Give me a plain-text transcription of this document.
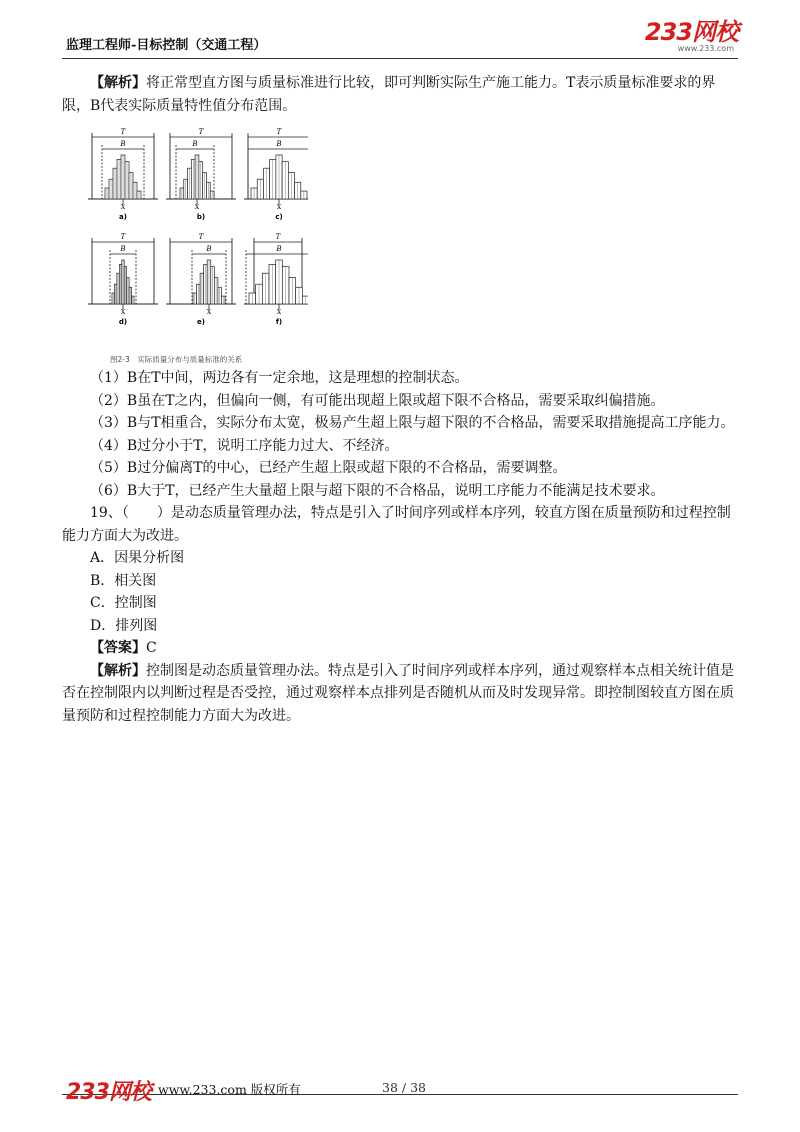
监理工程师-目标控制（交通工程）	233网校
www.233.com

【解析】将正常型直方图与质量标准进行比较，即可判断实际生产施工能力。T表示质量标准要求的界限，B代表实际质量特性值分布范围。

T
B
X̄
a)
T
B
X̄
b)
T
B
X̄
c)
T
B
X̄
d)
T
B
X̄
e)
T
B
X̄
f)
图2-3　实际质量分布与质量标准的关系

（1）B在T中间，两边各有一定余地，这是理想的控制状态。

（2）B虽在T之内，但偏向一侧，有可能出现超上限或超下限不合格品，需要采取纠偏措施。

（3）B与T相重合，实际分布太宽，极易产生超上限与超下限的不合格品，需要采取措施提高工序能力。

（4）B过分小于T，说明工序能力过大、不经济。

（5）B过分偏离T的中心，已经产生超上限或超下限的不合格品，需要调整。

（6）B大于T，已经产生大量超上限与超下限的不合格品，说明工序能力不能满足技术要求。

19、（　　）是动态质量管理办法，特点是引入了时间序列或样本序列，较直方图在质量预防和过程控制能力方面大为改进。

A．因果分析图

B．相关图

C．控制图

D．排列图

【答案】C

【解析】控制图是动态质量管理办法。特点是引入了时间序列或样本序列，通过观察样本点相关统计值是否在控制限内以判断过程是否受控，通过观察样本点排列是否随机从而及时发现异常。即控制图较直方图在质量预防和过程控制能力方面大为改进。

233网校 www.233.com 版权所有	38 / 38
